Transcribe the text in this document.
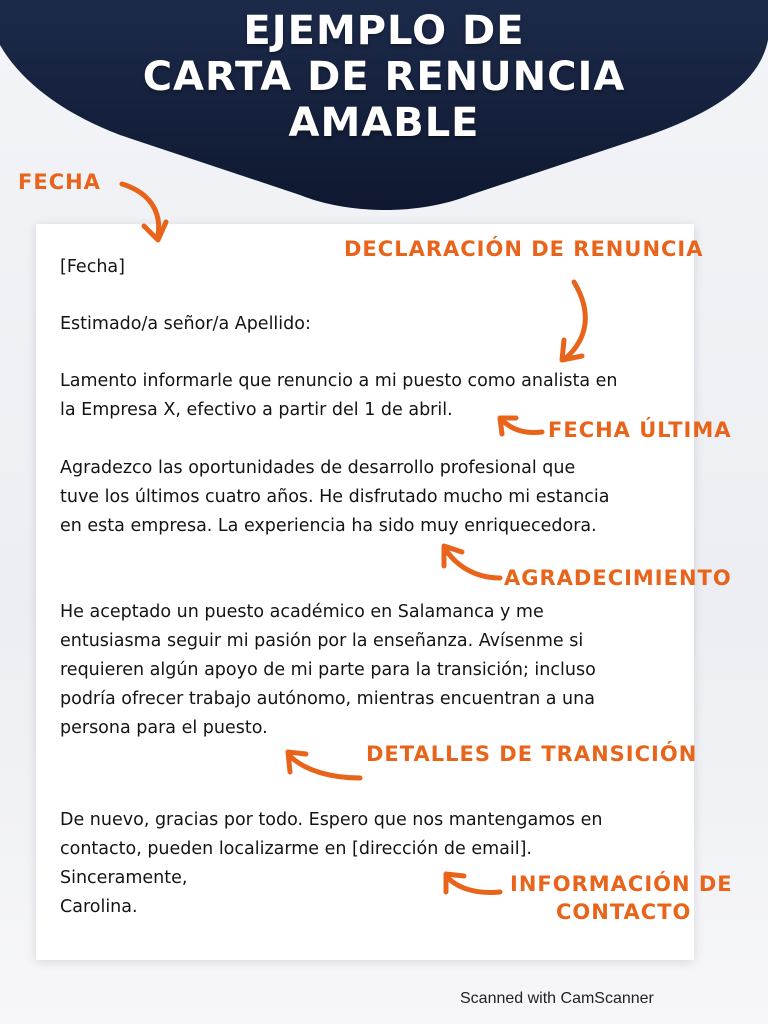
EJEMPLO DE
CARTA DE RENUNCIA
AMABLE
[Fecha]
Estimado/a señor/a Apellido:
Lamento informarle que renuncio a mi puesto como analista en
la Empresa X, efectivo a partir del 1 de abril.
Agradezco las oportunidades de desarrollo profesional que
tuve los últimos cuatro años. He disfrutado mucho mi estancia
en esta empresa. La experiencia ha sido muy enriquecedora.
He aceptado un puesto académico en Salamanca y me
entusiasma seguir mi pasión por la enseñanza. Avísenme si
requieren algún apoyo de mi parte para la transición; incluso
podría ofrecer trabajo autónomo, mientras encuentran a una
persona para el puesto.
De nuevo, gracias por todo. Espero que nos mantengamos en
contacto, pueden localizarme en [dirección de email].
Sinceramente,
Carolina.
FECHA
DECLARACIÓN DE RENUNCIA
FECHA ÚLTIMA
AGRADECIMIENTO
DETALLES DE TRANSICIÓN
INFORMACIÓN DE
CONTACTO
Scanned with CamScanner
